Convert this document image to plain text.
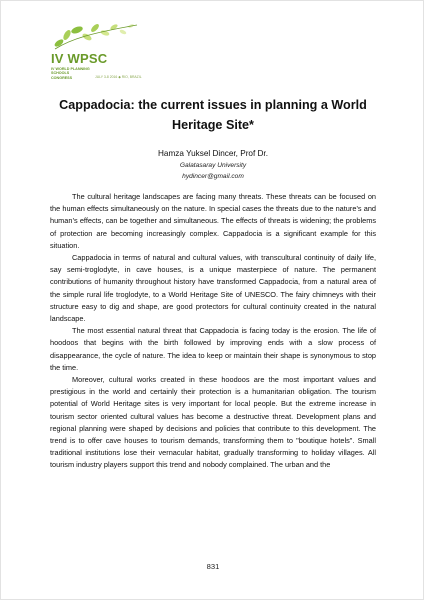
IV WPSC
IV WORLD PLANNING SCHOOLS CONGRESS	JULY 3-8 2016 ◆ RIO, BRAZIL
Cappadocia: the current issues in planning a World Heritage Site*
Hamza Yuksel Dincer, Prof Dr.
Galatasaray University
hydincer@gmail.com

The cultural heritage landscapes are facing many threats. These threats can be focused on the human effects simultaneously on the nature. In special cases the threats due to the nature’s and human’s effects, can be together and simultaneous. The effects of threats is widening; the problems of protection are becoming increasingly complex. Cappadocia is a significant example for this situation.

Cappadocia in terms of natural and cultural values, with transcultural continuity of daily life, say semi-troglodyte, in cave houses, is a unique masterpiece of nature. The permanent contributions of humanity throughout history have transformed Cappadocia, from a natural area of the simple rural life troglodyte, to a World Heritage Site of UNESCO. The fairy chimneys with their structure easy to dig and shape, are good protectors for cultural continuity created in the natural landscape.

The most essential natural threat that Cappadocia is facing today is the erosion. The life of hoodoos that begins with the birth followed by improving ends with a slow process of disappearance, the cycle of nature. The idea to keep or maintain their shape is synonymous to stop the time.

Moreover, cultural works created in these hoodoos are the most important values and prestigious in the world and certainly their protection is a humanitarian obligation. The tourism potential of World Heritage sites is very important for local people. But the extreme increase in tourism sector oriented cultural values has become a destructive threat. Development plans and regional planning were shaped by decisions and policies that contribute to this development. The trend is to offer cave houses to tourism demands, transforming them to "boutique hotels". Small traditional institutions lose their vernacular habitat, gradually transforming to holiday villages. All tourism industry players support this trend and nobody complained. The urban and the

831
